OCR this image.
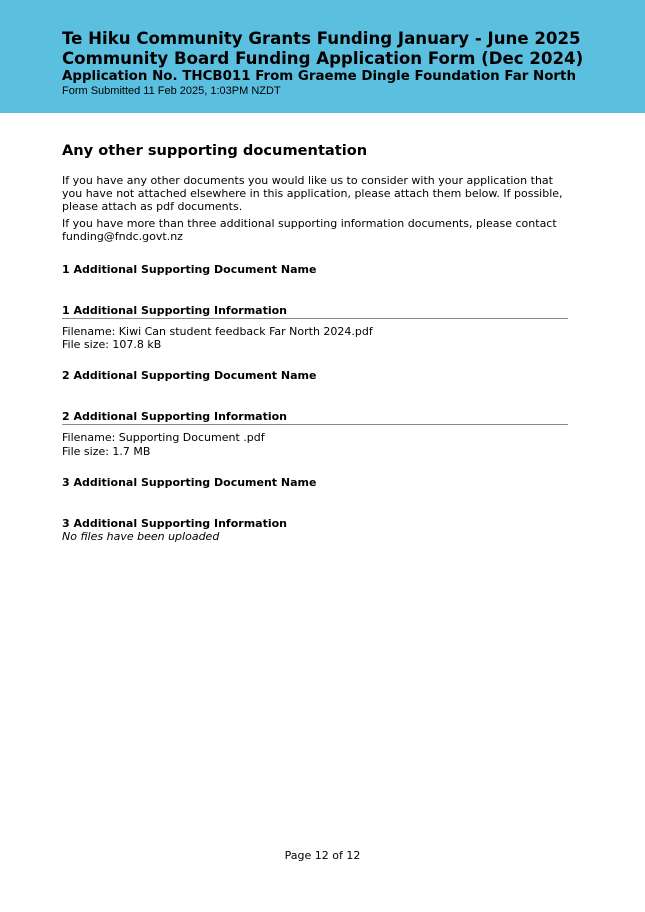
Te Hiku Community Grants Funding January - June 2025

Community Board Funding Application Form (Dec 2024)

Application No. THCB011 From Graeme Dingle Foundation Far North

Form Submitted 11 Feb 2025, 1:03PM NZDT

Any other supporting documentation

If you have any other documents you would like us to consider with your application that you have not attached elsewhere in this application, please attach them below. If possible, please attach as pdf documents.

If you have more than three additional supporting information documents, please contact funding@fndc.govt.nz

1 Additional Supporting Document Name

1 Additional Supporting Information

Filename: Kiwi Can student feedback Far North 2024.pdf

File size: 107.8 kB

2 Additional Supporting Document Name

2 Additional Supporting Information

Filename: Supporting Document .pdf

File size: 1.7 MB

3 Additional Supporting Document Name

3 Additional Supporting Information

No files have been uploaded

Page 12 of 12
